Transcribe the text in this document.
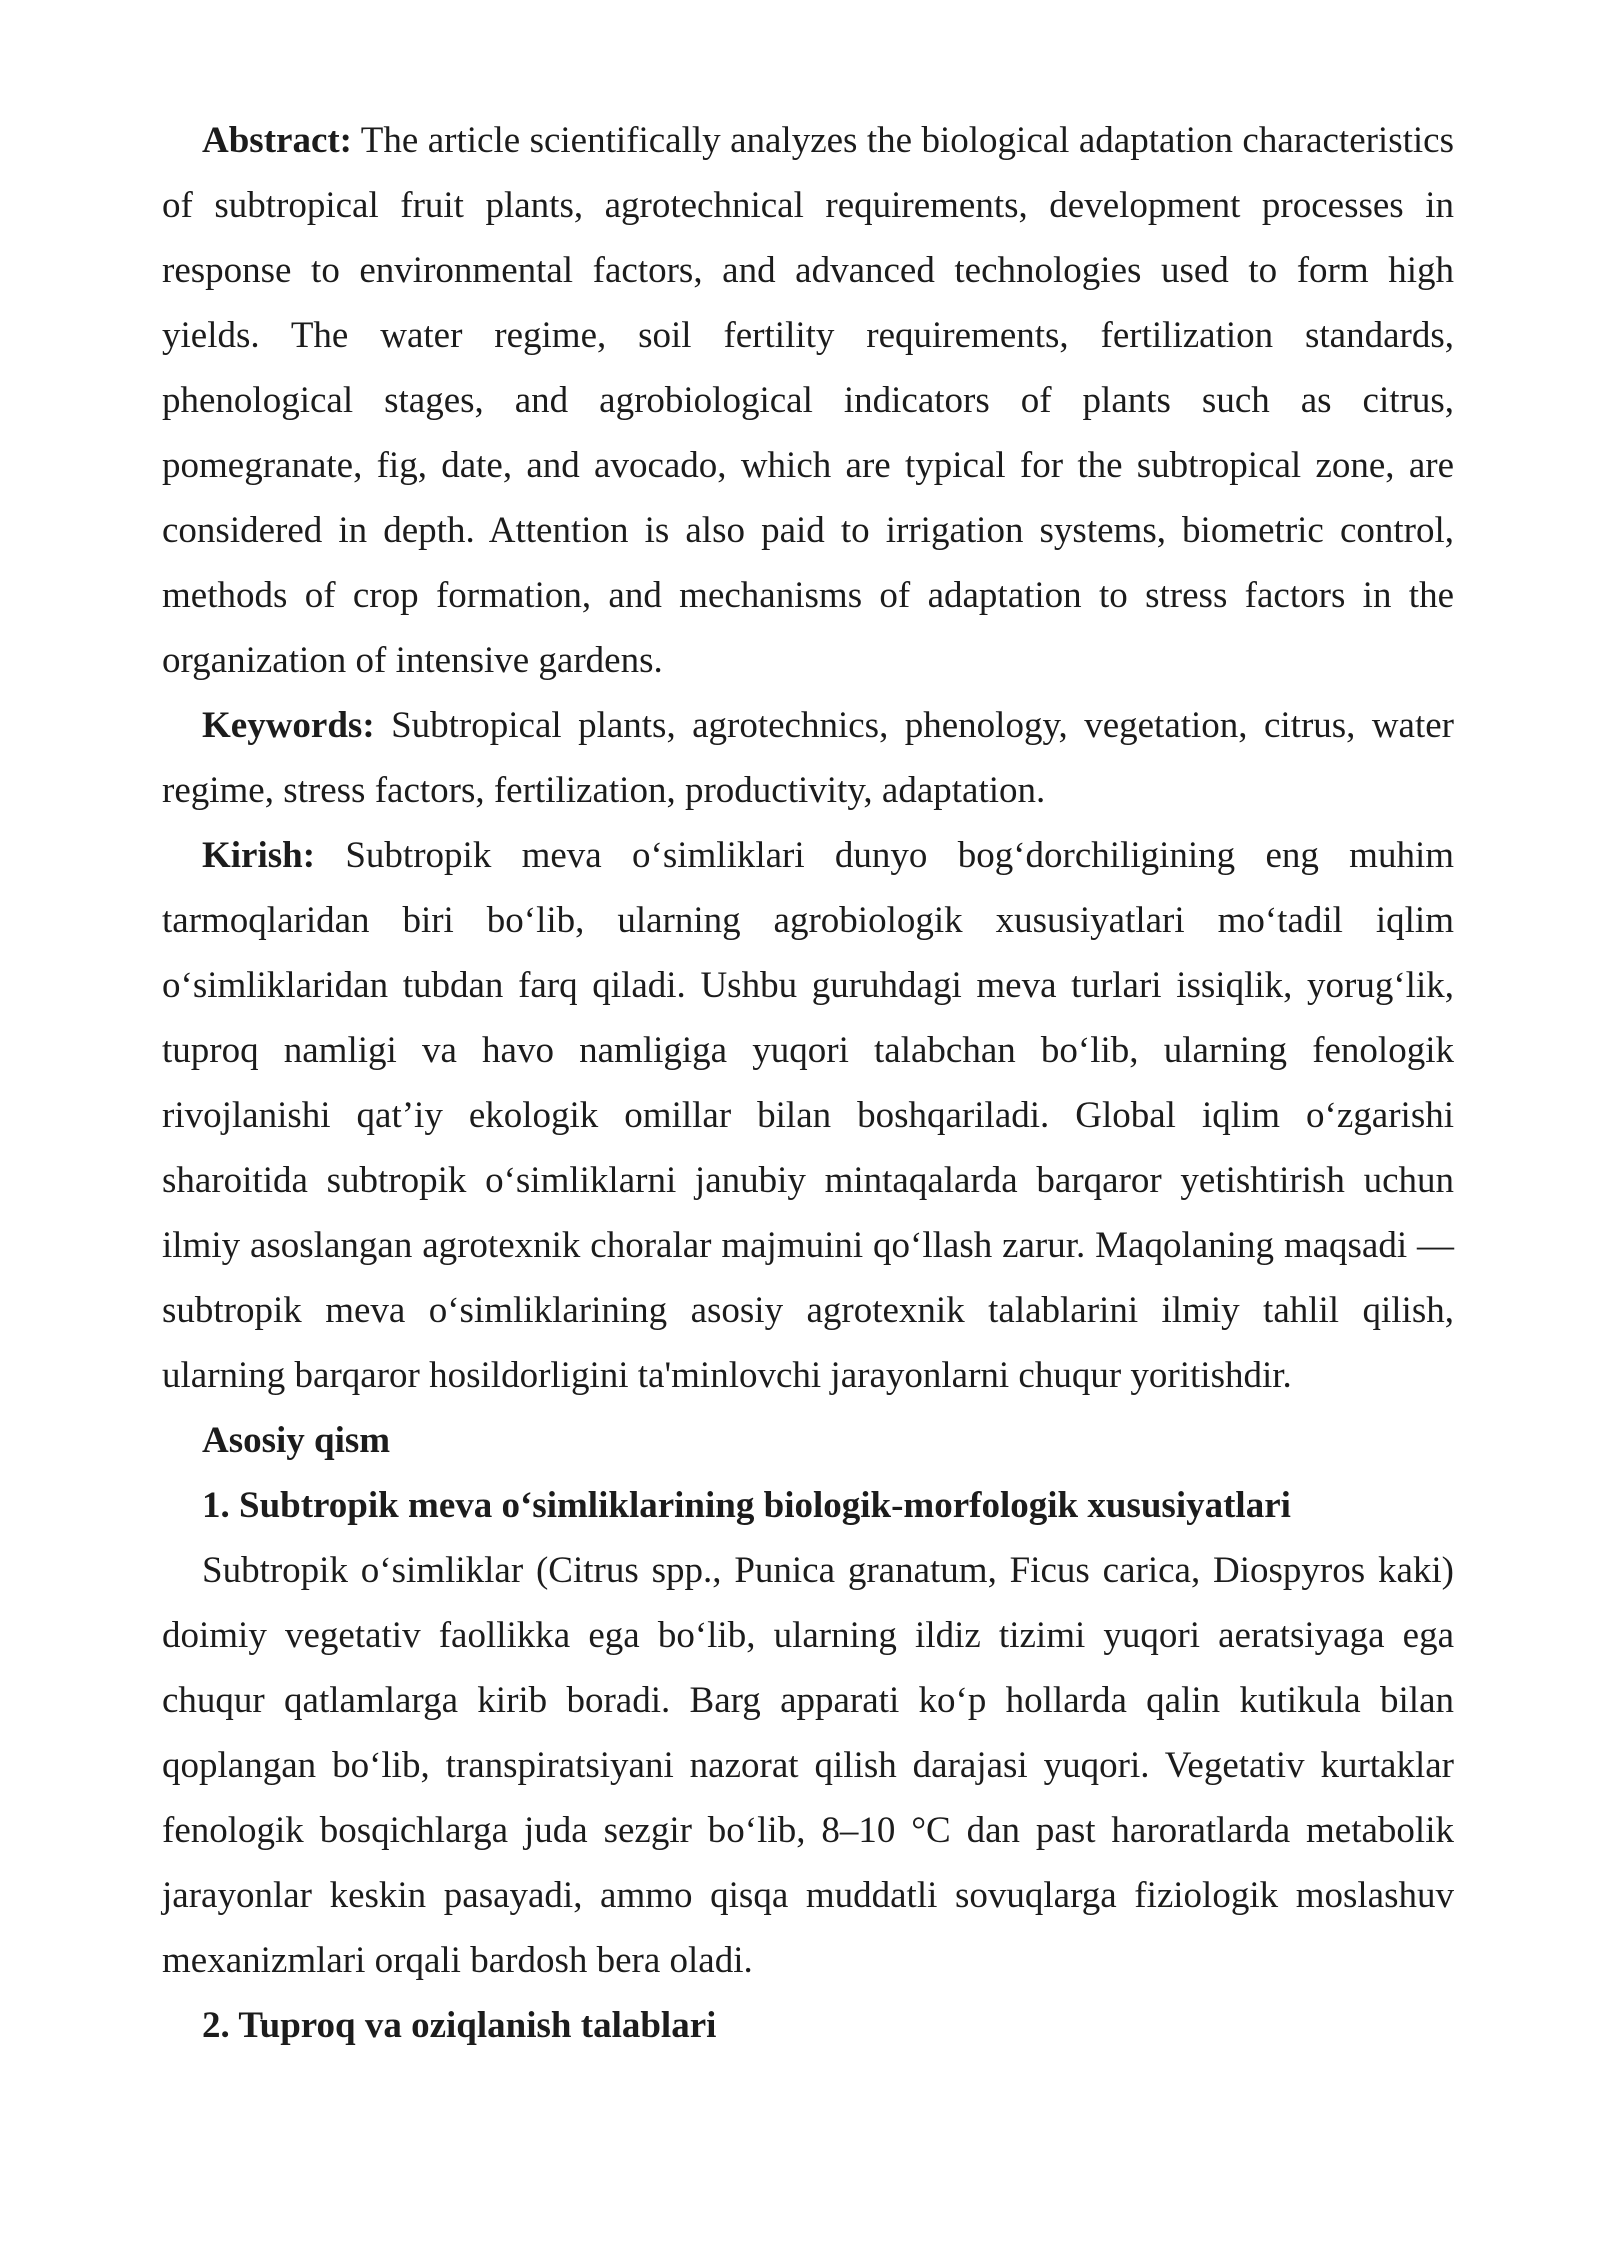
Abstract: The article scientifically analyzes the biological adaptation characteristics of subtropical fruit plants, agrotechnical requirements, development processes in response to environmental factors, and advanced technologies used to form high yields. The water regime, soil fertility requirements, fertilization standards, phenological stages, and agrobiological indicators of plants such as citrus, pomegranate, fig, date, and avocado, which are typical for the subtropical zone, are considered in depth. Attention is also paid to irrigation systems, biometric control, methods of crop formation, and mechanisms of adaptation to stress factors in the organization of intensive gardens.

Keywords: Subtropical plants, agrotechnics, phenology, vegetation, citrus, water regime, stress factors, fertilization, productivity, adaptation.

Kirish: Subtropik meva o‘simliklari dunyo bog‘dorchiligining eng muhim tarmoqlaridan biri bo‘lib, ularning agrobiologik xususiyatlari mo‘tadil iqlim o‘simliklaridan tubdan farq qiladi. Ushbu guruhdagi meva turlari issiqlik, yorug‘lik, tuproq namligi va havo namligiga yuqori talabchan bo‘lib, ularning fenologik rivojlanishi qat’iy ekologik omillar bilan boshqariladi. Global iqlim o‘zgarishi sharoitida subtropik o‘simliklarni janubiy mintaqalarda barqaror yetishtirish uchun ilmiy asoslangan agrotexnik choralar majmuini qo‘llash zarur. Maqolaning maqsadi — subtropik meva o‘simliklarining asosiy agrotexnik talablarini ilmiy tahlil qilish, ularning barqaror hosildorligini ta'minlovchi jarayonlarni chuqur yoritishdir.

Asosiy qism

1. Subtropik meva o‘simliklarining biologik-morfologik xususiyatlari

Subtropik o‘simliklar (Citrus spp., Punica granatum, Ficus carica, Diospyros kaki) doimiy vegetativ faollikka ega bo‘lib, ularning ildiz tizimi yuqori aeratsiyaga ega chuqur qatlamlarga kirib boradi. Barg apparati ko‘p hollarda qalin kutikula bilan qoplangan bo‘lib, transpiratsiyani nazorat qilish darajasi yuqori. Vegetativ kurtaklar fenologik bosqichlarga juda sezgir bo‘lib, 8–10 °C dan past haroratlarda metabolik jarayonlar keskin pasayadi, ammo qisqa muddatli sovuqlarga fiziologik moslashuv mexanizmlari orqali bardosh bera oladi.

2. Tuproq va oziqlanish talablari
